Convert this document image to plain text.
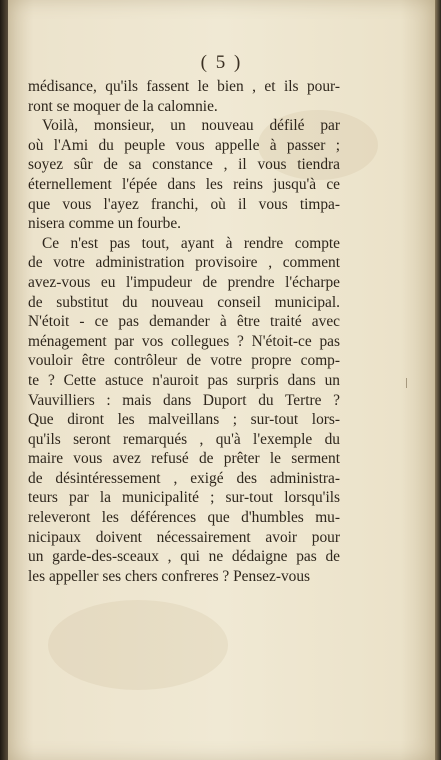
( 5 )

médisance, qu'ils fassent le bien , et ils pour-
ront se moquer de la calomnie.

Voilà, monsieur, un nouveau défilé par
où l'Ami du peuple vous appelle à passer ;
soyez sûr de sa constance , il vous tiendra
éternellement l'épée dans les reins jusqu'à ce
que vous l'ayez franchi, où il vous timpa-
nisera comme un fourbe.

Ce n'est pas tout, ayant à rendre compte
de votre administration provisoire , comment
avez-vous eu l'impudeur de prendre l'écharpe
de substitut du nouveau conseil municipal.
N'étoit - ce pas demander à être traité avec
ménagement par vos collegues ? N'étoit-ce pas
vouloir être contrôleur de votre propre comp-
te ? Cette astuce n'auroit pas surpris dans un
Vauvilliers : mais dans Duport du Tertre ?
Que diront les malveillans ; sur-tout lors-
qu'ils seront remarqués , qu'à l'exemple du
maire vous avez refusé de prêter le serment
de désintéressement , exigé des administra-
teurs par la municipalité ; sur-tout lorsqu'ils
releveront les déférences que d'humbles mu-
nicipaux doivent nécessairement avoir pour
un garde-des-sceaux , qui ne dédaigne pas de
les appeller ses chers confreres ? Pensez-vous
